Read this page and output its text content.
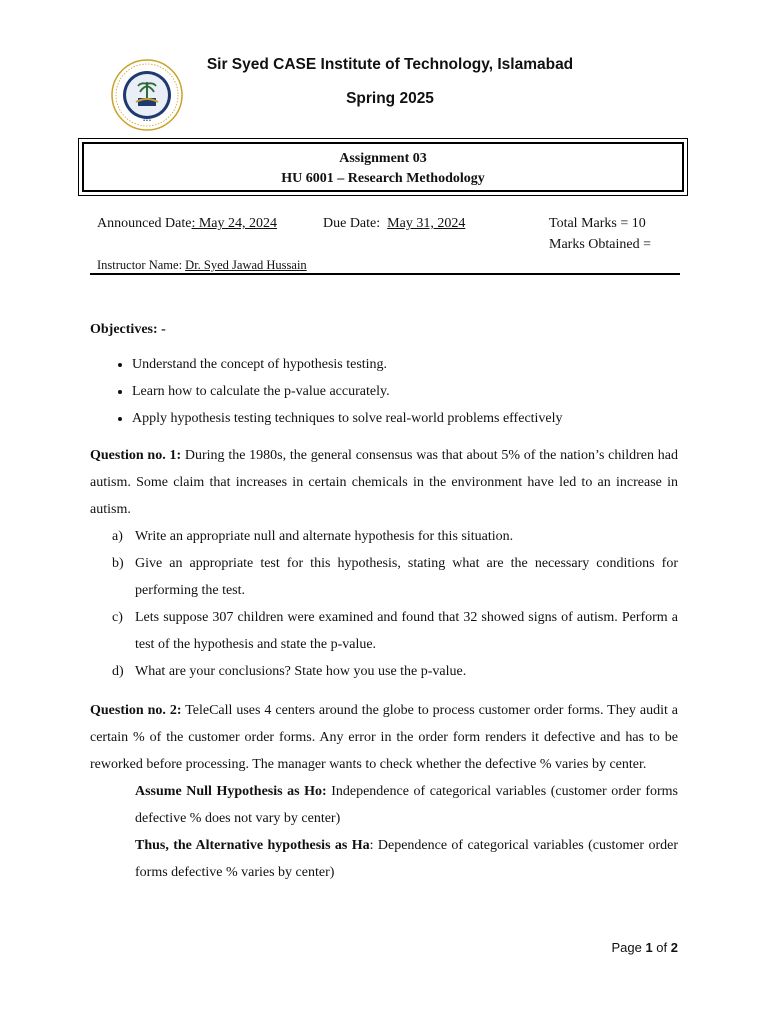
•••
Sir Syed CASE Institute of Technology, Islamabad
Spring 2025
Assignment 03
HU 6001 – Research Methodology
Announced Date: May 24, 2024	Due Date: May 31, 2024	Total Marks = 10
Marks Obtained =
Instructor Name: Dr. Syed Jawad Hussain

Objectives: -

• Understand the concept of hypothesis testing.
• Learn how to calculate the p-value accurately.
• Apply hypothesis testing techniques to solve real-world problems effectively

Question no. 1: During the 1980s, the general consensus was that about 5% of the nation’s children had autism. Some claim that increases in certain chemicals in the environment have led to an increase in autism.

a) Write an appropriate null and alternate hypothesis for this situation.
b) Give an appropriate test for this hypothesis, stating what are the necessary conditions for performing the test.
c) Lets suppose 307 children were examined and found that 32 showed signs of autism. Perform a test of the hypothesis and state the p-value.
d) What are your conclusions? State how you use the p-value.

Question no. 2: TeleCall uses 4 centers around the globe to process customer order forms. They audit a certain % of the customer order forms. Any error in the order form renders it defective and has to be reworked before processing. The manager wants to check whether the defective % varies by center.

Assume Null Hypothesis as Ho: Independence of categorical variables (customer order forms defective % does not vary by center)
Thus, the Alternative hypothesis as Ha: Dependence of categorical variables (customer order forms defective % varies by center)
Page 1 of 2
